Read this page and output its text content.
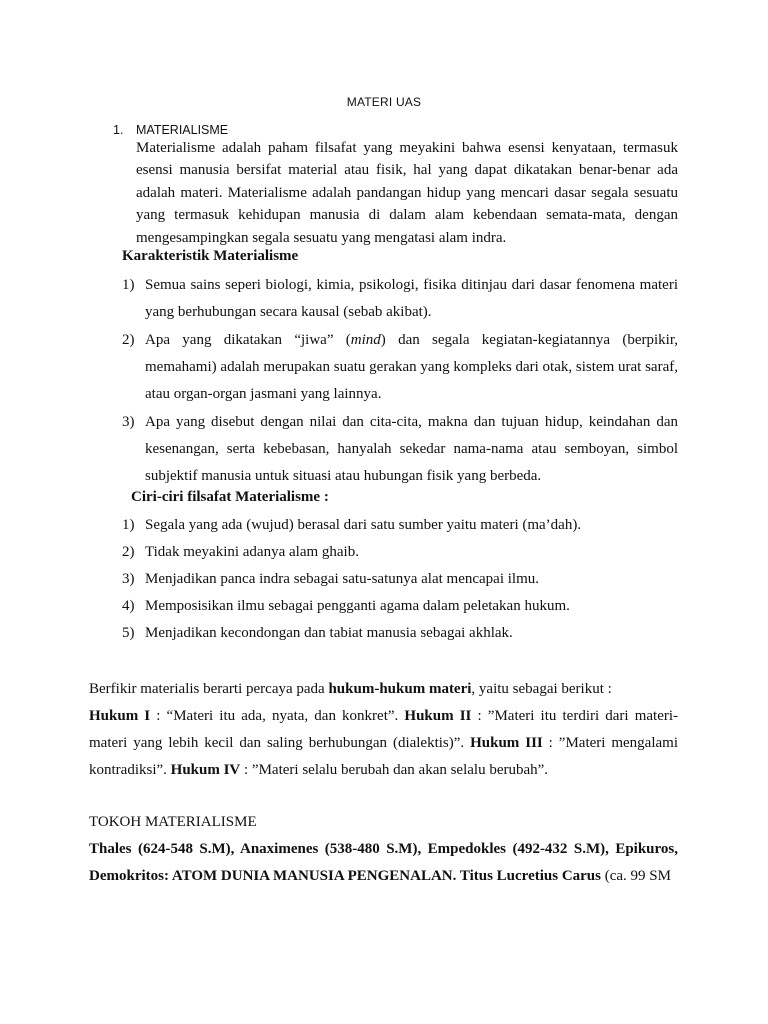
MATERI UAS
1. MATERIALISME
Materialisme adalah paham filsafat yang meyakini bahwa esensi kenyataan, termasuk esensi manusia bersifat material atau fisik, hal yang dapat dikatakan benar-benar ada adalah materi. Materialisme adalah pandangan hidup yang mencari dasar segala sesuatu yang termasuk kehidupan manusia di dalam alam kebendaan semata-mata, dengan mengesampingkan segala sesuatu yang mengatasi alam indra.
Karakteristik Materialisme
1) Semua sains seperi biologi, kimia, psikologi, fisika ditinjau dari dasar fenomena materi yang berhubungan secara kausal (sebab akibat).
2) Apa yang dikatakan “jiwa” (mind) dan segala kegiatan-kegiatannya (berpikir, memahami) adalah merupakan suatu gerakan yang kompleks dari otak, sistem urat saraf, atau organ-organ jasmani yang lainnya.
3) Apa yang disebut dengan nilai dan cita-cita, makna dan tujuan hidup, keindahan dan kesenangan, serta kebebasan, hanyalah sekedar nama-nama atau semboyan, simbol subjektif manusia untuk situasi atau hubungan fisik yang berbeda.
Ciri-ciri filsafat Materialisme :
1) Segala yang ada (wujud) berasal dari satu sumber yaitu materi (ma’dah).
2) Tidak meyakini adanya alam ghaib.
3) Menjadikan panca indra sebagai satu-satunya alat mencapai ilmu.
4) Memposisikan ilmu sebagai pengganti agama dalam peletakan hukum.
5) Menjadikan kecondongan dan tabiat manusia sebagai akhlak.
Berfikir materialis berarti percaya pada hukum-hukum materi, yaitu sebagai berikut :
Hukum I : “Materi itu ada, nyata, dan konkret”. Hukum II : ”Materi itu terdiri dari materi-materi yang lebih kecil dan saling berhubungan (dialektis)”. Hukum III : ”Materi mengalami kontradiksi”. Hukum IV : ”Materi selalu berubah dan akan selalu berubah”.
TOKOH MATERIALISME
Thales (624-548 S.M), Anaximenes (538-480 S.M), Empedokles (492-432 S.M), Epikuros, Demokritos: ATOM DUNIA MANUSIA PENGENALAN. Titus Lucretius Carus (ca. 99 SM
